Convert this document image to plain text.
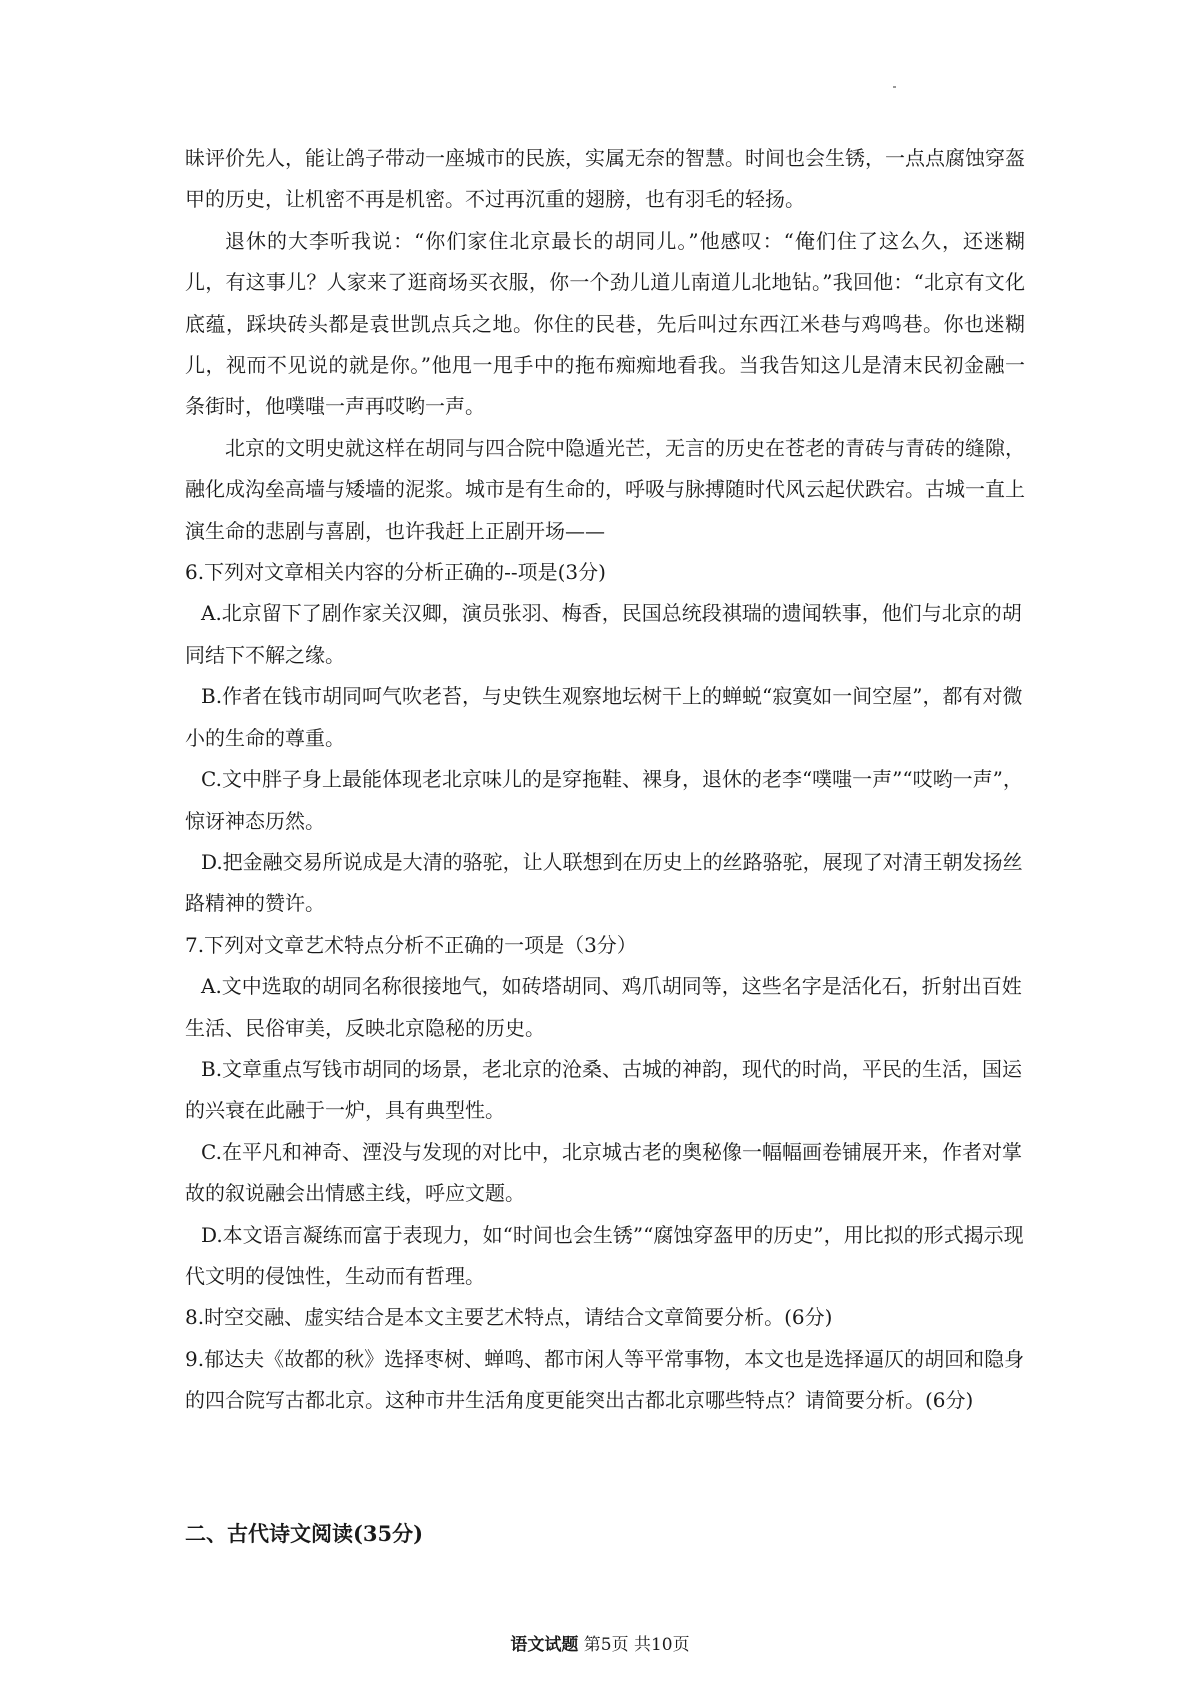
昧评价先人，能让鸽子带动一座城市的民族，实属无奈的智慧。时间也会生锈，一点点腐蚀穿盔甲的历史，让机密不再是机密。不过再沉重的翅膀，也有羽毛的轻扬。

退休的大李听我说：“你们家住北京最长的胡同儿。”他感叹：“俺们住了这么久，还迷糊儿，有这事儿？人家来了逛商场买衣服，你一个劲儿道儿南道儿北地钻。”我回他：“北京有文化底蕴，踩块砖头都是袁世凯点兵之地。你住的民巷，先后叫过东西江米巷与鸡鸣巷。你也迷糊儿，视而不见说的就是你。”他甩一甩手中的拖布痴痴地看我。当我告知这儿是清末民初金融一条街时，他噗嗤一声再哎哟一声。

北京的文明史就这样在胡同与四合院中隐遁光芒，无言的历史在苍老的青砖与青砖的缝隙，融化成沟垒高墙与矮墙的泥浆。城市是有生命的，呼吸与脉搏随时代风云起伏跌宕。古城一直上演生命的悲剧与喜剧，也许我赶上正剧开场——

6.下列对文章相关内容的分析正确的--项是(3分)

A.北京留下了剧作家关汉卿，演员张羽、梅香，民国总统段祺瑞的遗闻轶事，他们与北京的胡同结下不解之缘。

B.作者在钱市胡同呵气吹老苔，与史铁生观察地坛树干上的蝉蜕“寂寞如一间空屋”，都有对微小的生命的尊重。

C.文中胖子身上最能体现老北京味儿的是穿拖鞋、裸身，退休的老李“噗嗤一声”“哎哟一声”，惊讶神态历然。

D.把金融交易所说成是大清的骆驼，让人联想到在历史上的丝路骆驼，展现了对清王朝发扬丝路精神的赞许。

7.下列对文章艺术特点分析不正确的一项是（3分）

A.文中选取的胡同名称很接地气，如砖塔胡同、鸡爪胡同等，这些名字是活化石，折射出百姓生活、民俗审美，反映北京隐秘的历史。

B.文章重点写钱市胡同的场景，老北京的沧桑、古城的神韵，现代的时尚，平民的生活，国运的兴衰在此融于一炉，具有典型性。

C.在平凡和神奇、湮没与发现的对比中，北京城古老的奥秘像一幅幅画卷铺展开来，作者对掌故的叙说融会出情感主线，呼应文题。

D.本文语言凝练而富于表现力，如“时间也会生锈”“腐蚀穿盔甲的历史”，用比拟的形式揭示现代文明的侵蚀性，生动而有哲理。

8.时空交融、虚实结合是本文主要艺术特点，请结合文章简要分析。(6分)

9.郁达夫《故都的秋》选择枣树、蝉鸣、都市闲人等平常事物，本文也是选择逼仄的胡回和隐身的四合院写古都北京。这种市井生活角度更能突出古都北京哪些特点？请简要分析。(6分)

二、古代诗文阅读(35分)
语文试题 第5页 共10页
